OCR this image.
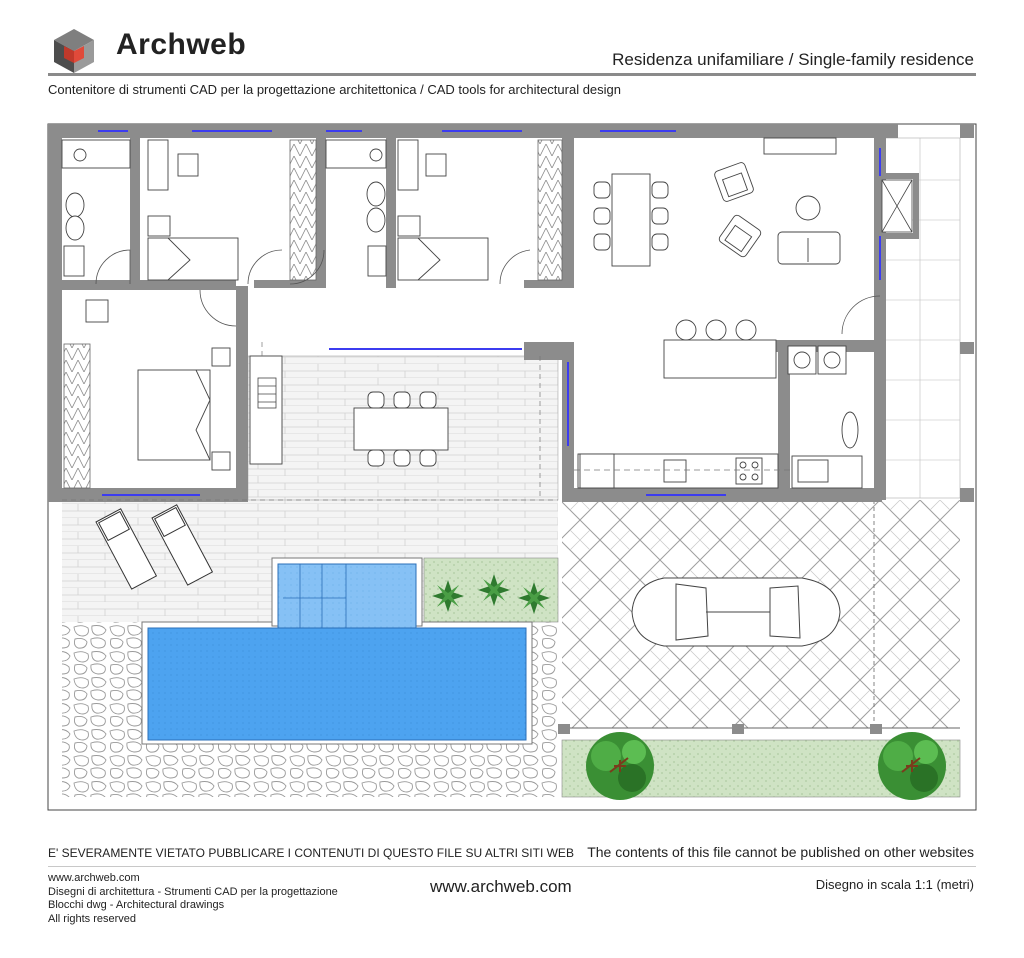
Archweb	Residenza unifamiliare / Single-family residence
Contenitore di strumenti CAD per la progettazione architettonica / CAD tools for architectural design
E' SEVERAMENTE VIETATO PUBBLICARE I CONTENUTI DI QUESTO FILE SU ALTRI SITI WEB The contents of this file cannot be published on other websites
www.archweb.com
Disegni di architettura - Strumenti CAD per la progettazione
Blocchi dwg - Architectural drawings
All rights reserved
www.archweb.com	Disegno in scala 1:1 (metri)
